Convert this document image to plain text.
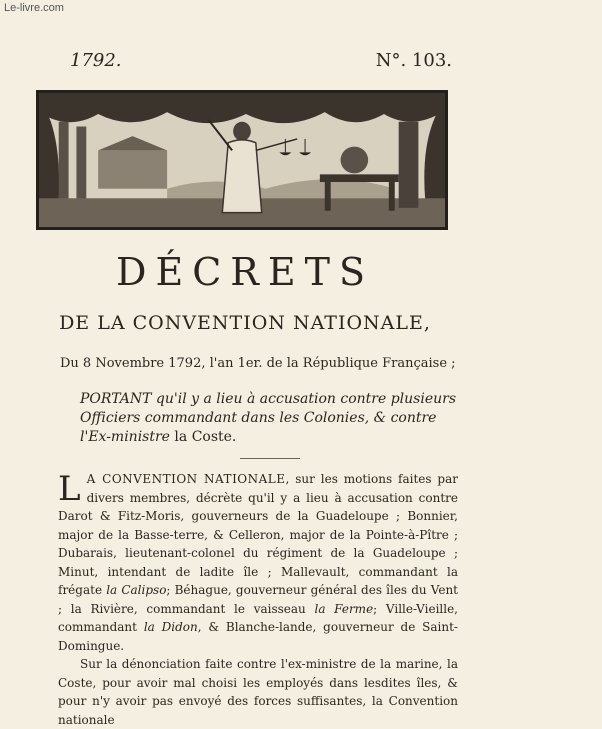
Le-livre.com
1792.	N°. 103.
DÉCRETS
DE LA CONVENTION NATIONALE,
Du 8 Novembre 1792, l'an 1er. de la République Française ;
PORTANT qu'il y a lieu à accusation contre plusieurs Officiers commandant dans les Colonies, & contre l'Ex-ministre la Coste.

L A CONVENTION NATIONALE, sur les motions faites par divers membres, décrète qu'il y a lieu à accusation contre Darot & Fitz-Moris, gouverneurs de la Guadeloupe ; Bonnier, major de la Basse-terre, & Celleron, major de la Pointe-à-Pître ; Dubarais, lieutenant-colonel du régiment de la Guadeloupe ; Minut, intendant de ladite île ; Mallevault, commandant la frégate la Calipso; Béhague, gouverneur général des îles du Vent ; la Rivière, commandant le vaisseau la Ferme; Ville-Vieille, commandant la Didon, & Blanche-lande, gouverneur de Saint-Domingue.

Sur la dénonciation faite contre l'ex-ministre de la marine, la Coste, pour avoir mal choisi les employés dans lesdites îles, & pour n'y avoir pas envoyé des forces suffisantes, la Convention nationale
